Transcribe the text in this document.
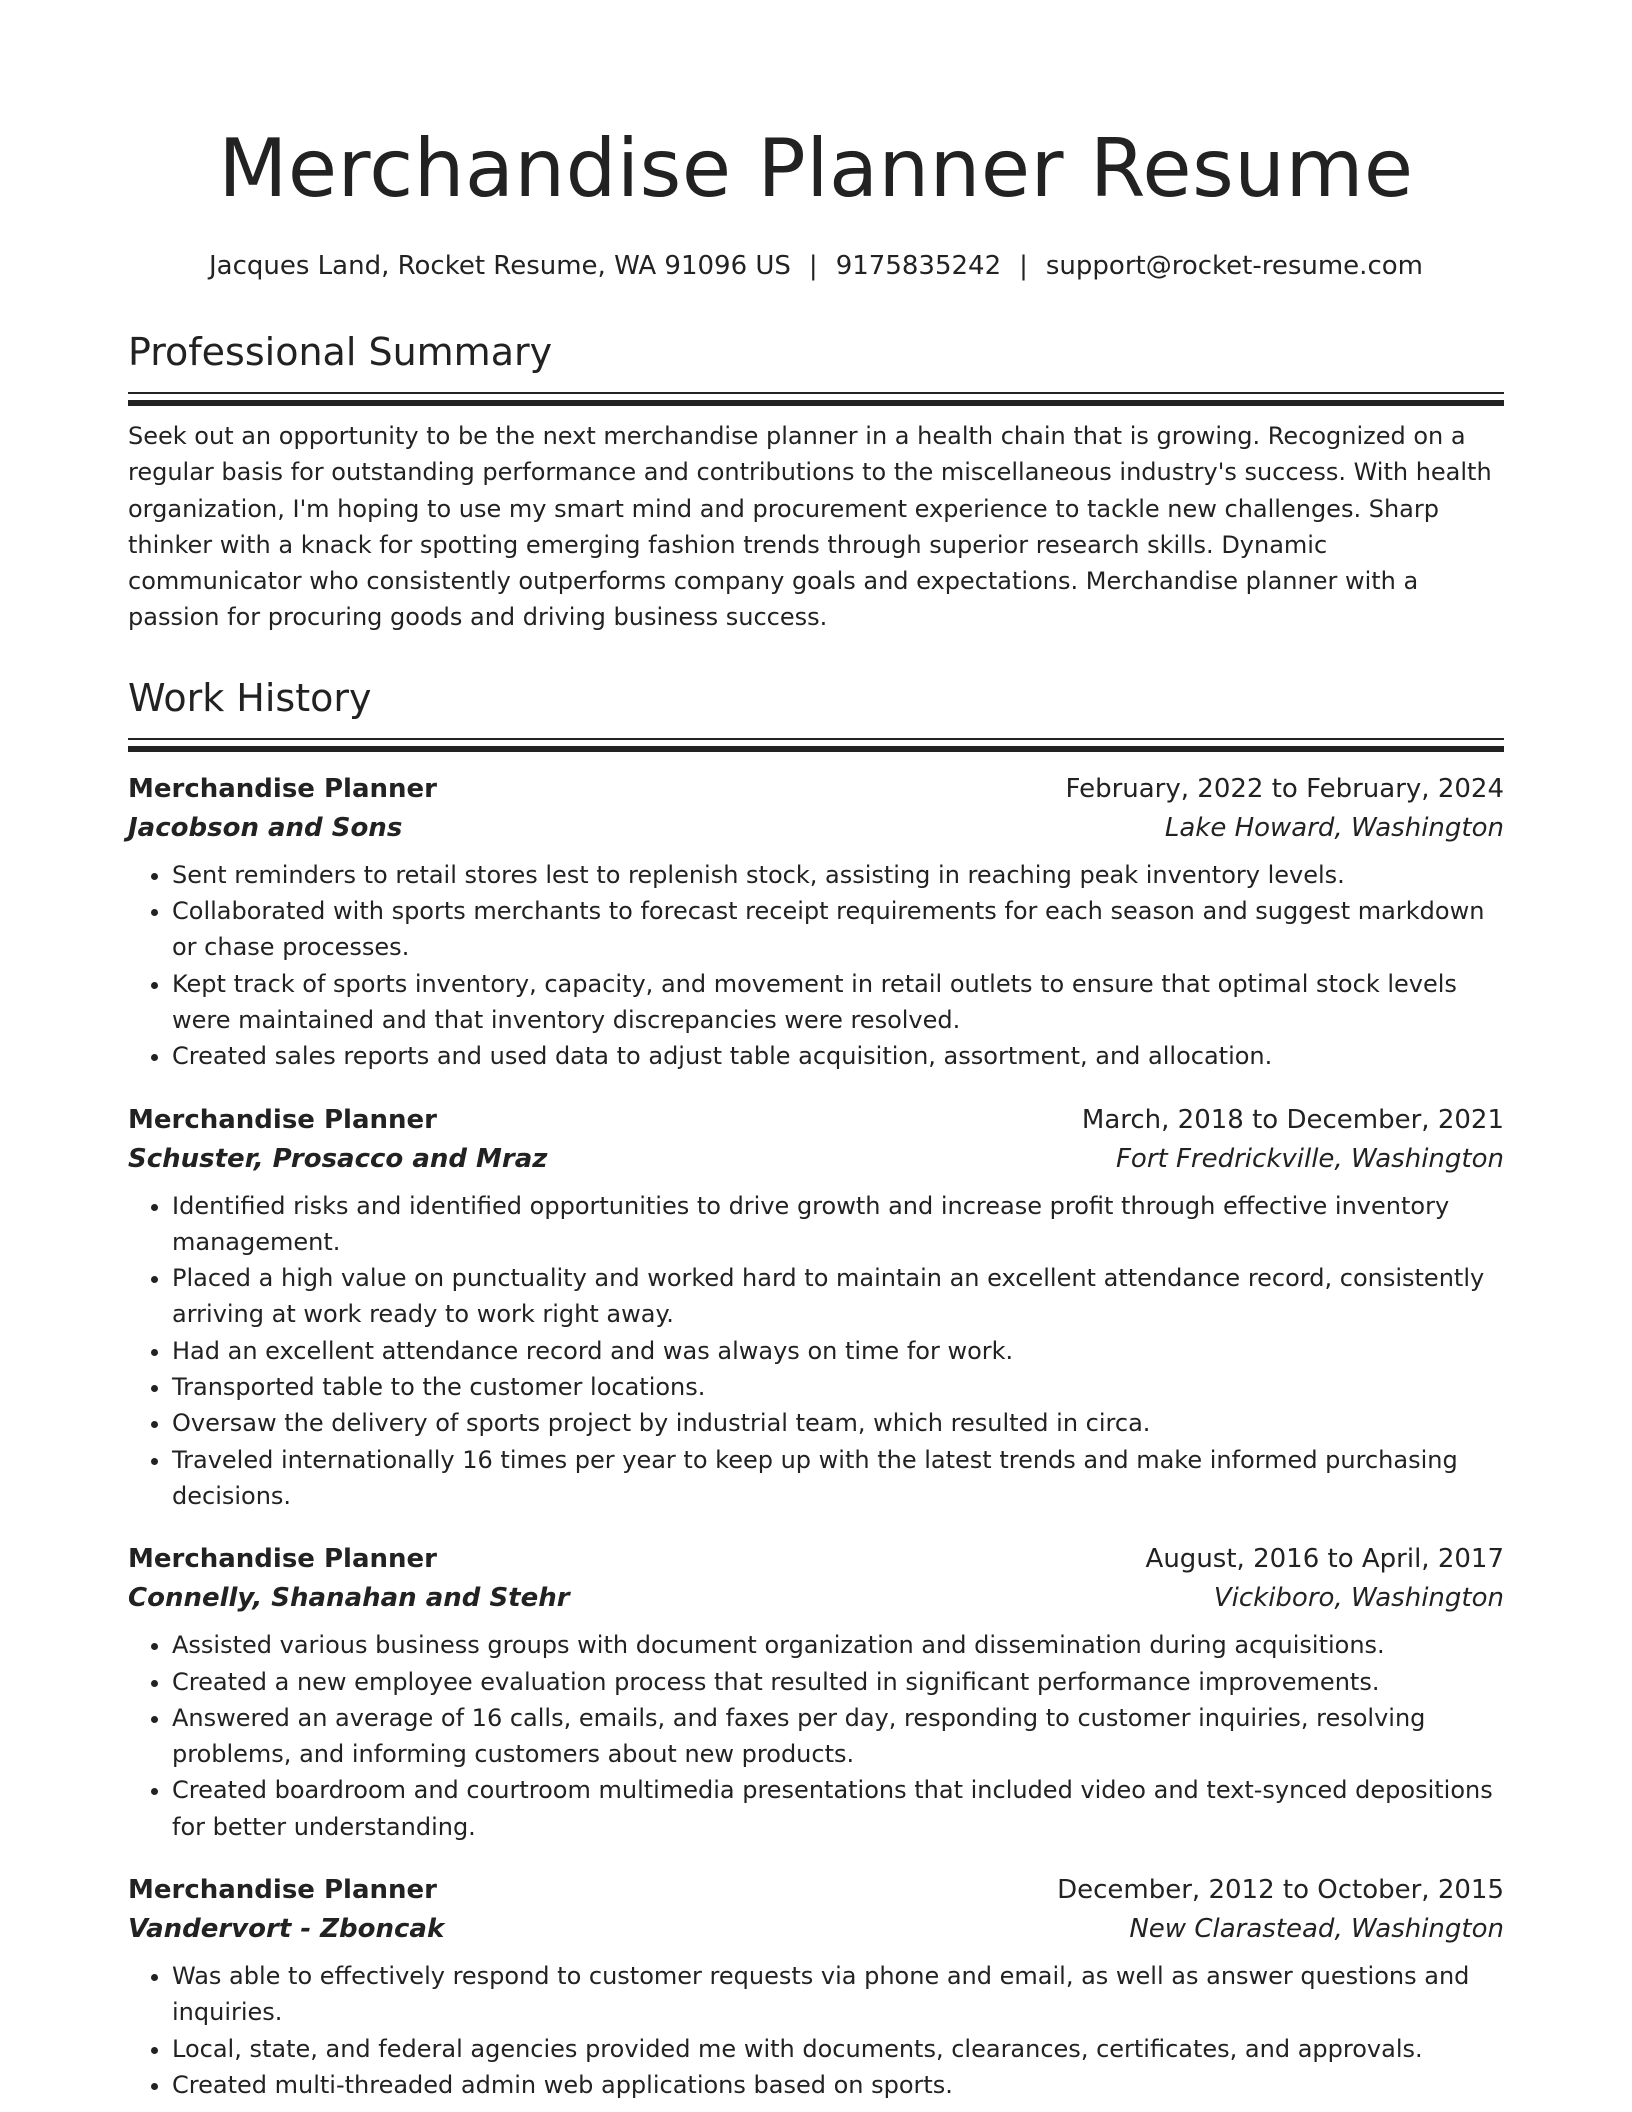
Merchandise Planner Resume
Jacques Land, Rocket Resume, WA 91096 US | 9175835242 | support@rocket-resume.com
Professional Summary

Seek out an opportunity to be the next merchandise planner in a health chain that is growing. Recognized on a regular basis for outstanding performance and contributions to the miscellaneous industry's success. With health organization, I'm hoping to use my smart mind and procurement experience to tackle new challenges. Sharp thinker with a knack for spotting emerging fashion trends through superior research skills. Dynamic communicator who consistently outperforms company goals and expectations. Merchandise planner with a passion for procuring goods and driving business success.

Work History
Merchandise Planner	February, 2022 to February, 2024
Jacobson and Sons	Lake Howard, Washington
• Sent reminders to retail stores lest to replenish stock, assisting in reaching peak inventory levels.
• Collaborated with sports merchants to forecast receipt requirements for each season and suggest markdown or chase processes.
• Kept track of sports inventory, capacity, and movement in retail outlets to ensure that optimal stock levels were maintained and that inventory discrepancies were resolved.
• Created sales reports and used data to adjust table acquisition, assortment, and allocation.
Merchandise Planner	March, 2018 to December, 2021
Schuster, Prosacco and Mraz	Fort Fredrickville, Washington
• Identified risks and identified opportunities to drive growth and increase profit through effective inventory management.
• Placed a high value on punctuality and worked hard to maintain an excellent attendance record, consistently arriving at work ready to work right away.
• Had an excellent attendance record and was always on time for work.
• Transported table to the customer locations.
• Oversaw the delivery of sports project by industrial team, which resulted in circa.
• Traveled internationally 16 times per year to keep up with the latest trends and make informed purchasing decisions.
Merchandise Planner	August, 2016 to April, 2017
Connelly, Shanahan and Stehr	Vickiboro, Washington
• Assisted various business groups with document organization and dissemination during acquisitions.
• Created a new employee evaluation process that resulted in significant performance improvements.
• Answered an average of 16 calls, emails, and faxes per day, responding to customer inquiries, resolving problems, and informing customers about new products.
• Created boardroom and courtroom multimedia presentations that included video and text-synced depositions for better understanding.
Merchandise Planner	December, 2012 to October, 2015
Vandervort - Zboncak	New Clarastead, Washington
• Was able to effectively respond to customer requests via phone and email, as well as answer questions and inquiries.
• Local, state, and federal agencies provided me with documents, clearances, certificates, and approvals.
• Created multi-threaded admin web applications based on sports.
